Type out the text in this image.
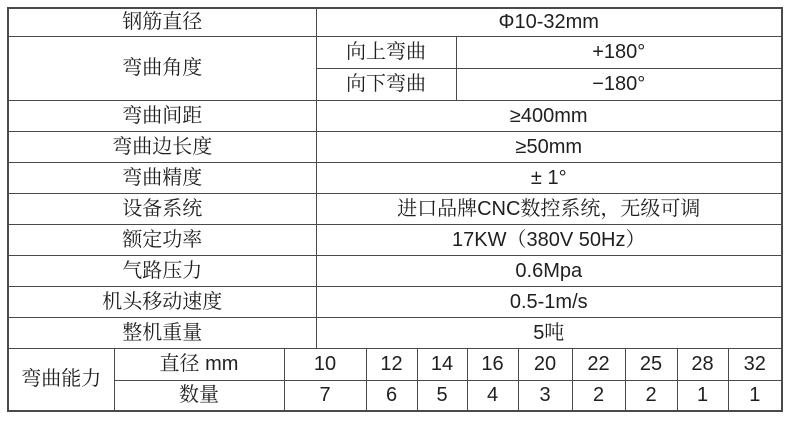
钢筋直径			Φ10-32mm									
弯曲角度			向上弯曲			+180°						
			向下弯曲			−180°						
弯曲间距			≥400mm									
弯曲边长度			≥50mm									
弯曲精度			± 1°									
设备系统			进口品牌CNC数控系统，无级可调									
额定功率			17KW（380V 50Hz）									
气路压力			0.6Mpa									
机头移动速度			0.5-1m/s									
整机重量			5吨									
弯曲能力	直径 mm	10		12	14		16	20	22	25	28	32
	数量	7		6	5		4	3	2	2	1	1
